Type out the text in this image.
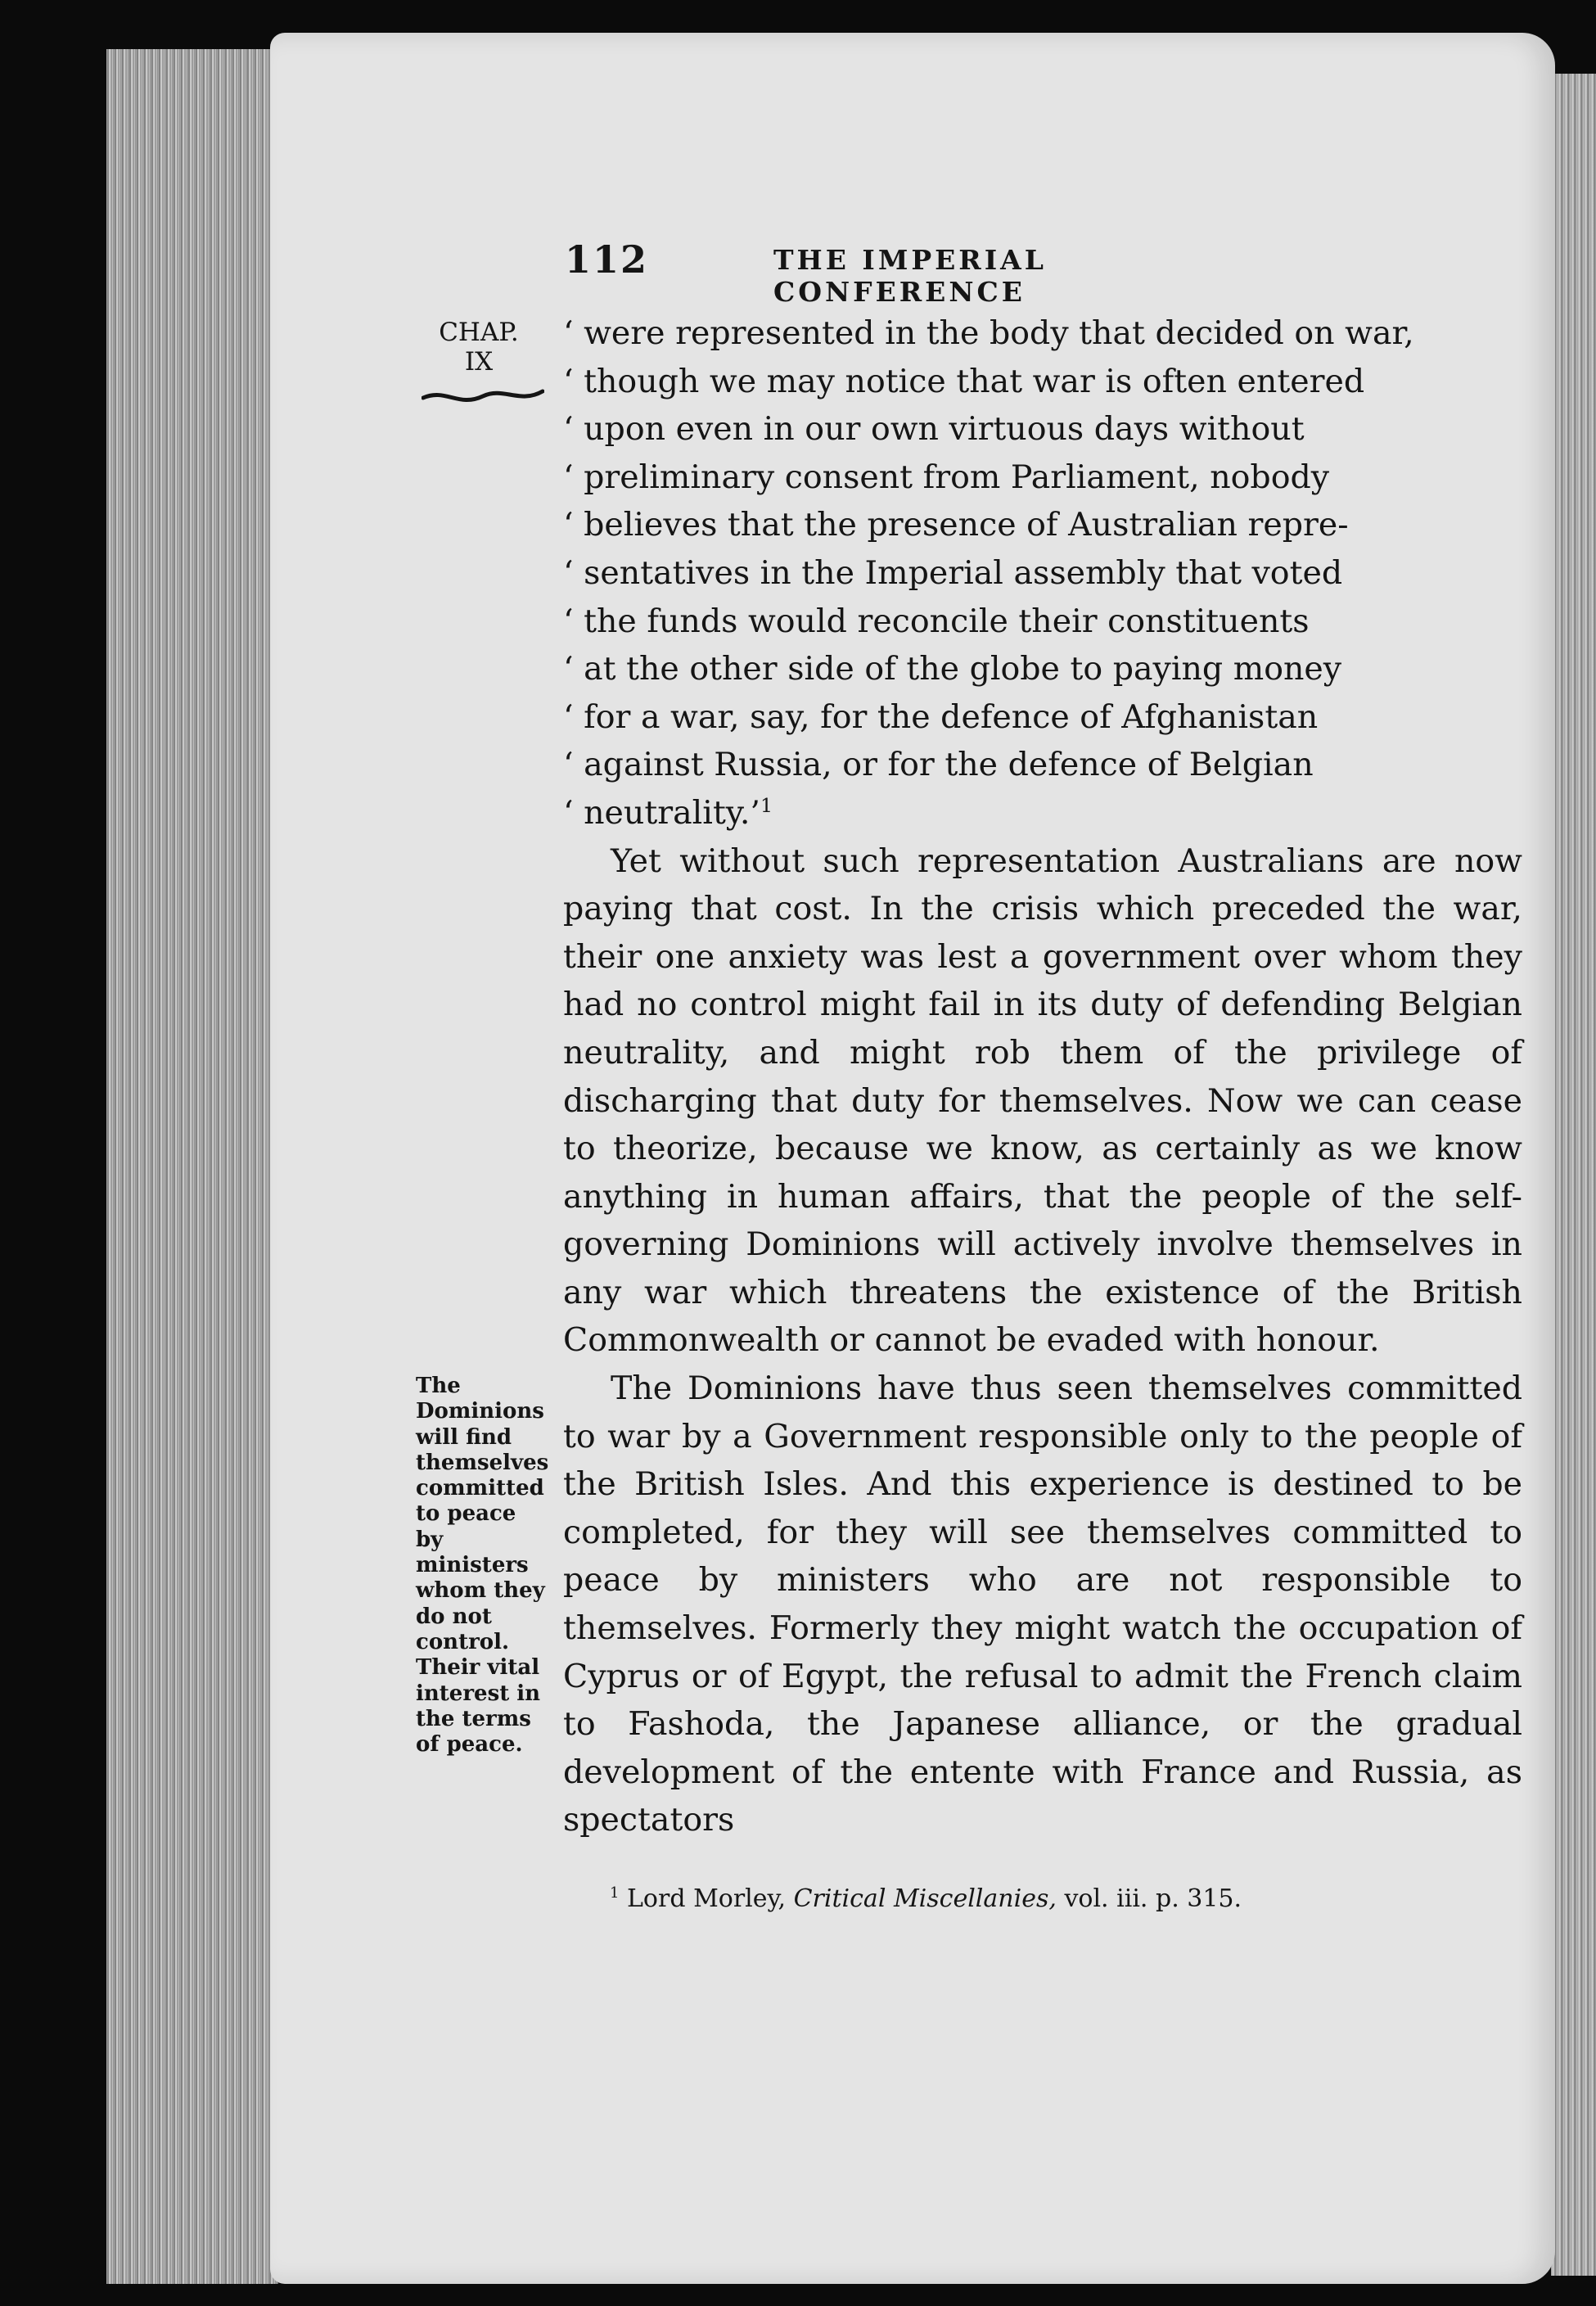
112	THE IMPERIAL CONFERENCE
CHAP.
IX

‘ were represented in the body that decided on war,
‘ though we may notice that war is often entered
‘ upon even in our own virtuous days without
‘ preliminary consent from Parliament, nobody
‘ believes that the presence of Australian repre-
‘ sentatives in the Imperial assembly that voted
‘ the funds would reconcile their constituents
‘ at the other side of the globe to paying money
‘ for a war, say, for the defence of Afghanistan
‘ against Russia, or for the defence of Belgian
‘ neutrality.’$^1$

Yet without such representation Australians are now paying that cost. In the crisis which preceded the war, their one anxiety was lest a government over whom they had no control might fail in its duty of defending Belgian neutrality, and might rob them of the privilege of discharging that duty for themselves. Now we can cease to theorize, because we know, as certainly as we know anything in human affairs, that the people of the self-governing Dominions will actively involve themselves in any war which threatens the existence of the British Commonwealth or cannot be evaded with honour.

The Dominions have thus seen themselves committed to war by a Government responsible only to the people of the British Isles. And this experience is destined to be completed, for they will see themselves committed to peace by ministers who are not responsible to themselves. Formerly they might watch the occupation of Cyprus or of Egypt, the refusal to admit the French claim to Fashoda, the Japanese alliance, or the gradual development of the entente with France and Russia, as spectators

The Dominions will find themselves committed to peace by ministers whom they do not control. Their vital interest in the terms of peace.
$^1$ Lord Morley, Critical Miscellanies, vol. iii. p. 315.
